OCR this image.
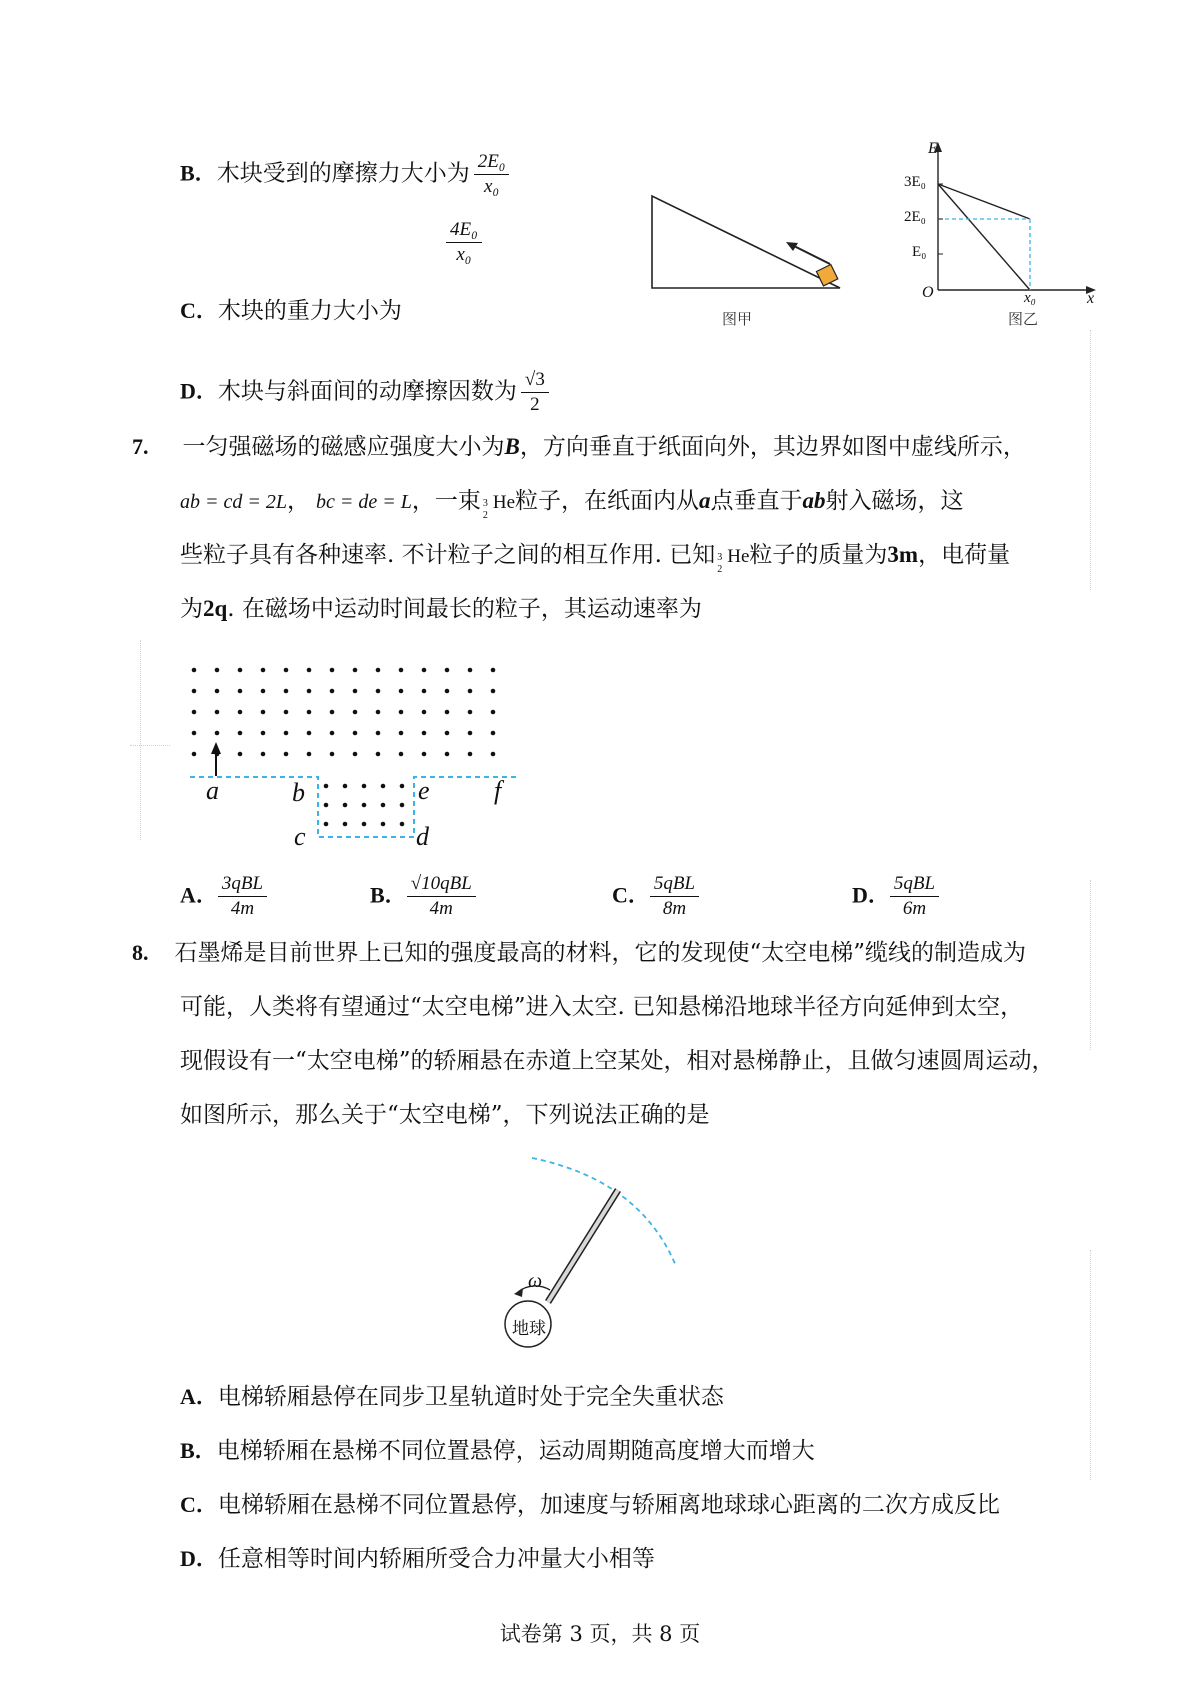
B．木块受到的摩擦力大小为 $\frac{\text{2E₀}}{\text{x₀}}$
$\frac{\text{4E₀}}{\text{x₀}}$
C．木块的重力大小为
D．木块与斜面间的动摩擦因数为 $\frac{√3}{2}$
图甲
E
x
O
3E₀
2E₀
E₀
x₀
图乙
7. 一匀强磁场的磁感应强度大小为B，方向垂直于纸面向外，其边界如图中虚线所示，
ab = cd = 2L， bc = de = L，一束 3
2
He粒子，在纸面内从a点垂直于ab射入磁场，这
些粒子具有各种速率. 不计粒子之间的相互作用. 已知 3
2
He粒子的质量为3m，电荷量
为2q. 在磁场中运动时间最长的粒子，其运动速率为
a	b
c	d
e f
A． $\frac{\text{3qBL}}{4m}$	B． $\frac{\text{√10qBL}}{4m}$	C． $\frac{\text{5qBL}}{8m}$	D． $\frac{\text{5qBL}}{6m}$
8. 石墨烯是目前世界上已知的强度最高的材料，它的发现使“太空电梯”缆线的制造成为
可能，人类将有望通过“太空电梯”进入太空. 已知悬梯沿地球半径方向延伸到太空，
现假设有一“太空电梯”的轿厢悬在赤道上空某处，相对悬梯静止，且做匀速圆周运动，
如图所示，那么关于“太空电梯”，下列说法正确的是
ω
地球
A．电梯轿厢悬停在同步卫星轨道时处于完全失重状态
B．电梯轿厢在悬梯不同位置悬停，运动周期随高度增大而增大
C．电梯轿厢在悬梯不同位置悬停，加速度与轿厢离地球球心距离的二次方成反比
D．任意相等时间内轿厢所受合力冲量大小相等
试卷第 3 页，共 8 页
